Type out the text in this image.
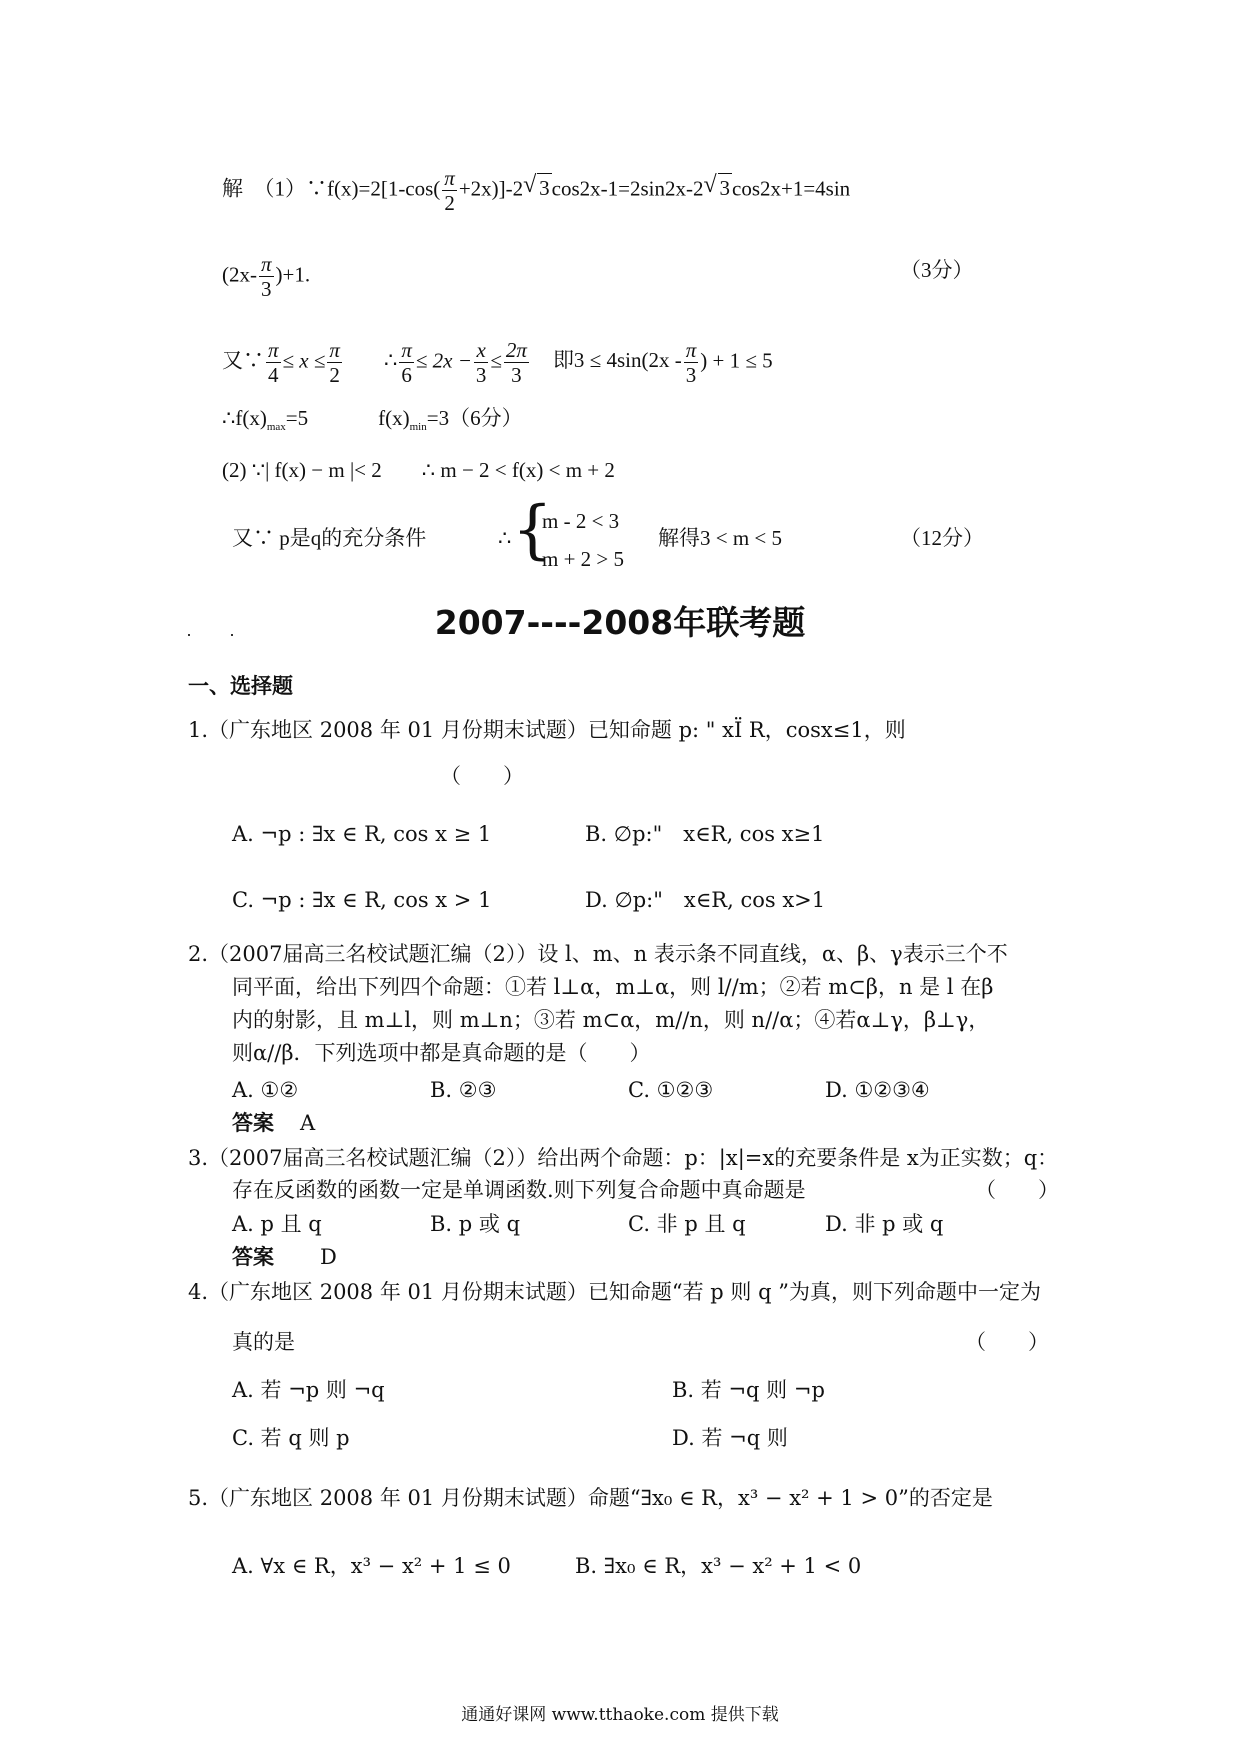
解　（1）∵f(x)=2[1-cos( $\frac{\pi}{2} +2x)]-2√$ 3cos2x-1=2sin2x-2√ 3cos2x+1=4sin
$(2x- \frac{\pi}{3} )+1$.	（3分）
又∵ $\frac{\pi}{4} \le x \le \frac{\pi}{2}$ ∴ $\frac{\pi}{6} \le 2x - \frac{x}{3} \le \frac{2\pi}{3}$ 即$3 \le 4\sin(2x - \frac{\pi}{3}$ ) + 1 ≤ 5
$\therefore f(x)_{max}=5$	$f(x)_{min}=3(6$分）
(2) ∵| f(x) − m |< 2 ∴ m − 2 < f(x) < m + 2
又∵ p是q的充分条件	∴ {
m - 2 < 3
m + 2 > 5
解得3 < m < 5	（12分）
2007----2008年联考题
一、选择题
1.（广东地区 2008 年 01 月份期末试题）已知命题 p: " xÏ R，cosx≤1，则
（　　）
A. ¬p : ∃x ∈ R, cos x ≥ 1	B. ∅p:"　x∈R, cos x≥1
C. ¬p : ∃x ∈ R, cos x > 1	D. ∅p:"　x∈R, cos x>1
2.（2007届高三名校试题汇编（2））设 l、m、n 表示条不同直线，α、β、γ表示三个不
同平面，给出下列四个命题：①若 l⊥α，m⊥α，则 l//m；②若 m⊂β，n 是 l 在β
内的射影，且 m⊥l，则 m⊥n；③若 m⊂α，m//n，则 n//α；④若α⊥γ，β⊥γ，
则α//β．下列选项中都是真命题的是（　　）
A. ①②	B. ②③	C. ①②③	D. ①②③④
答案 A
3.（2007届高三名校试题汇编（2））给出两个命题：p：|x|=x的充要条件是 x为正实数；q：
存在反函数的函数一定是单调函数.则下列复合命题中真命题是	（　　）
A. p 且 q	B. p 或 q	C. 非 p 且 q	D. 非 p 或 q
答案 D
4.（广东地区 2008 年 01 月份期末试题）已知命题“若 p 则 q ”为真，则下列命题中一定为
真的是	（　　）
A. 若 ¬p 则 ¬q	B. 若 ¬q 则 ¬p
C. 若 q 则 p	D. 若 ¬q 则
5.（广东地区 2008 年 01 月份期末试题）命题“∃x₀ ∈ R，x³ − x² + 1 > 0”的否定是
A. ∀x ∈ R，x³ − x² + 1 ≤ 0	B. ∃x₀ ∈ R，x³ − x² + 1 < 0
通通好课网 www.tthaoke.com 提供下载
